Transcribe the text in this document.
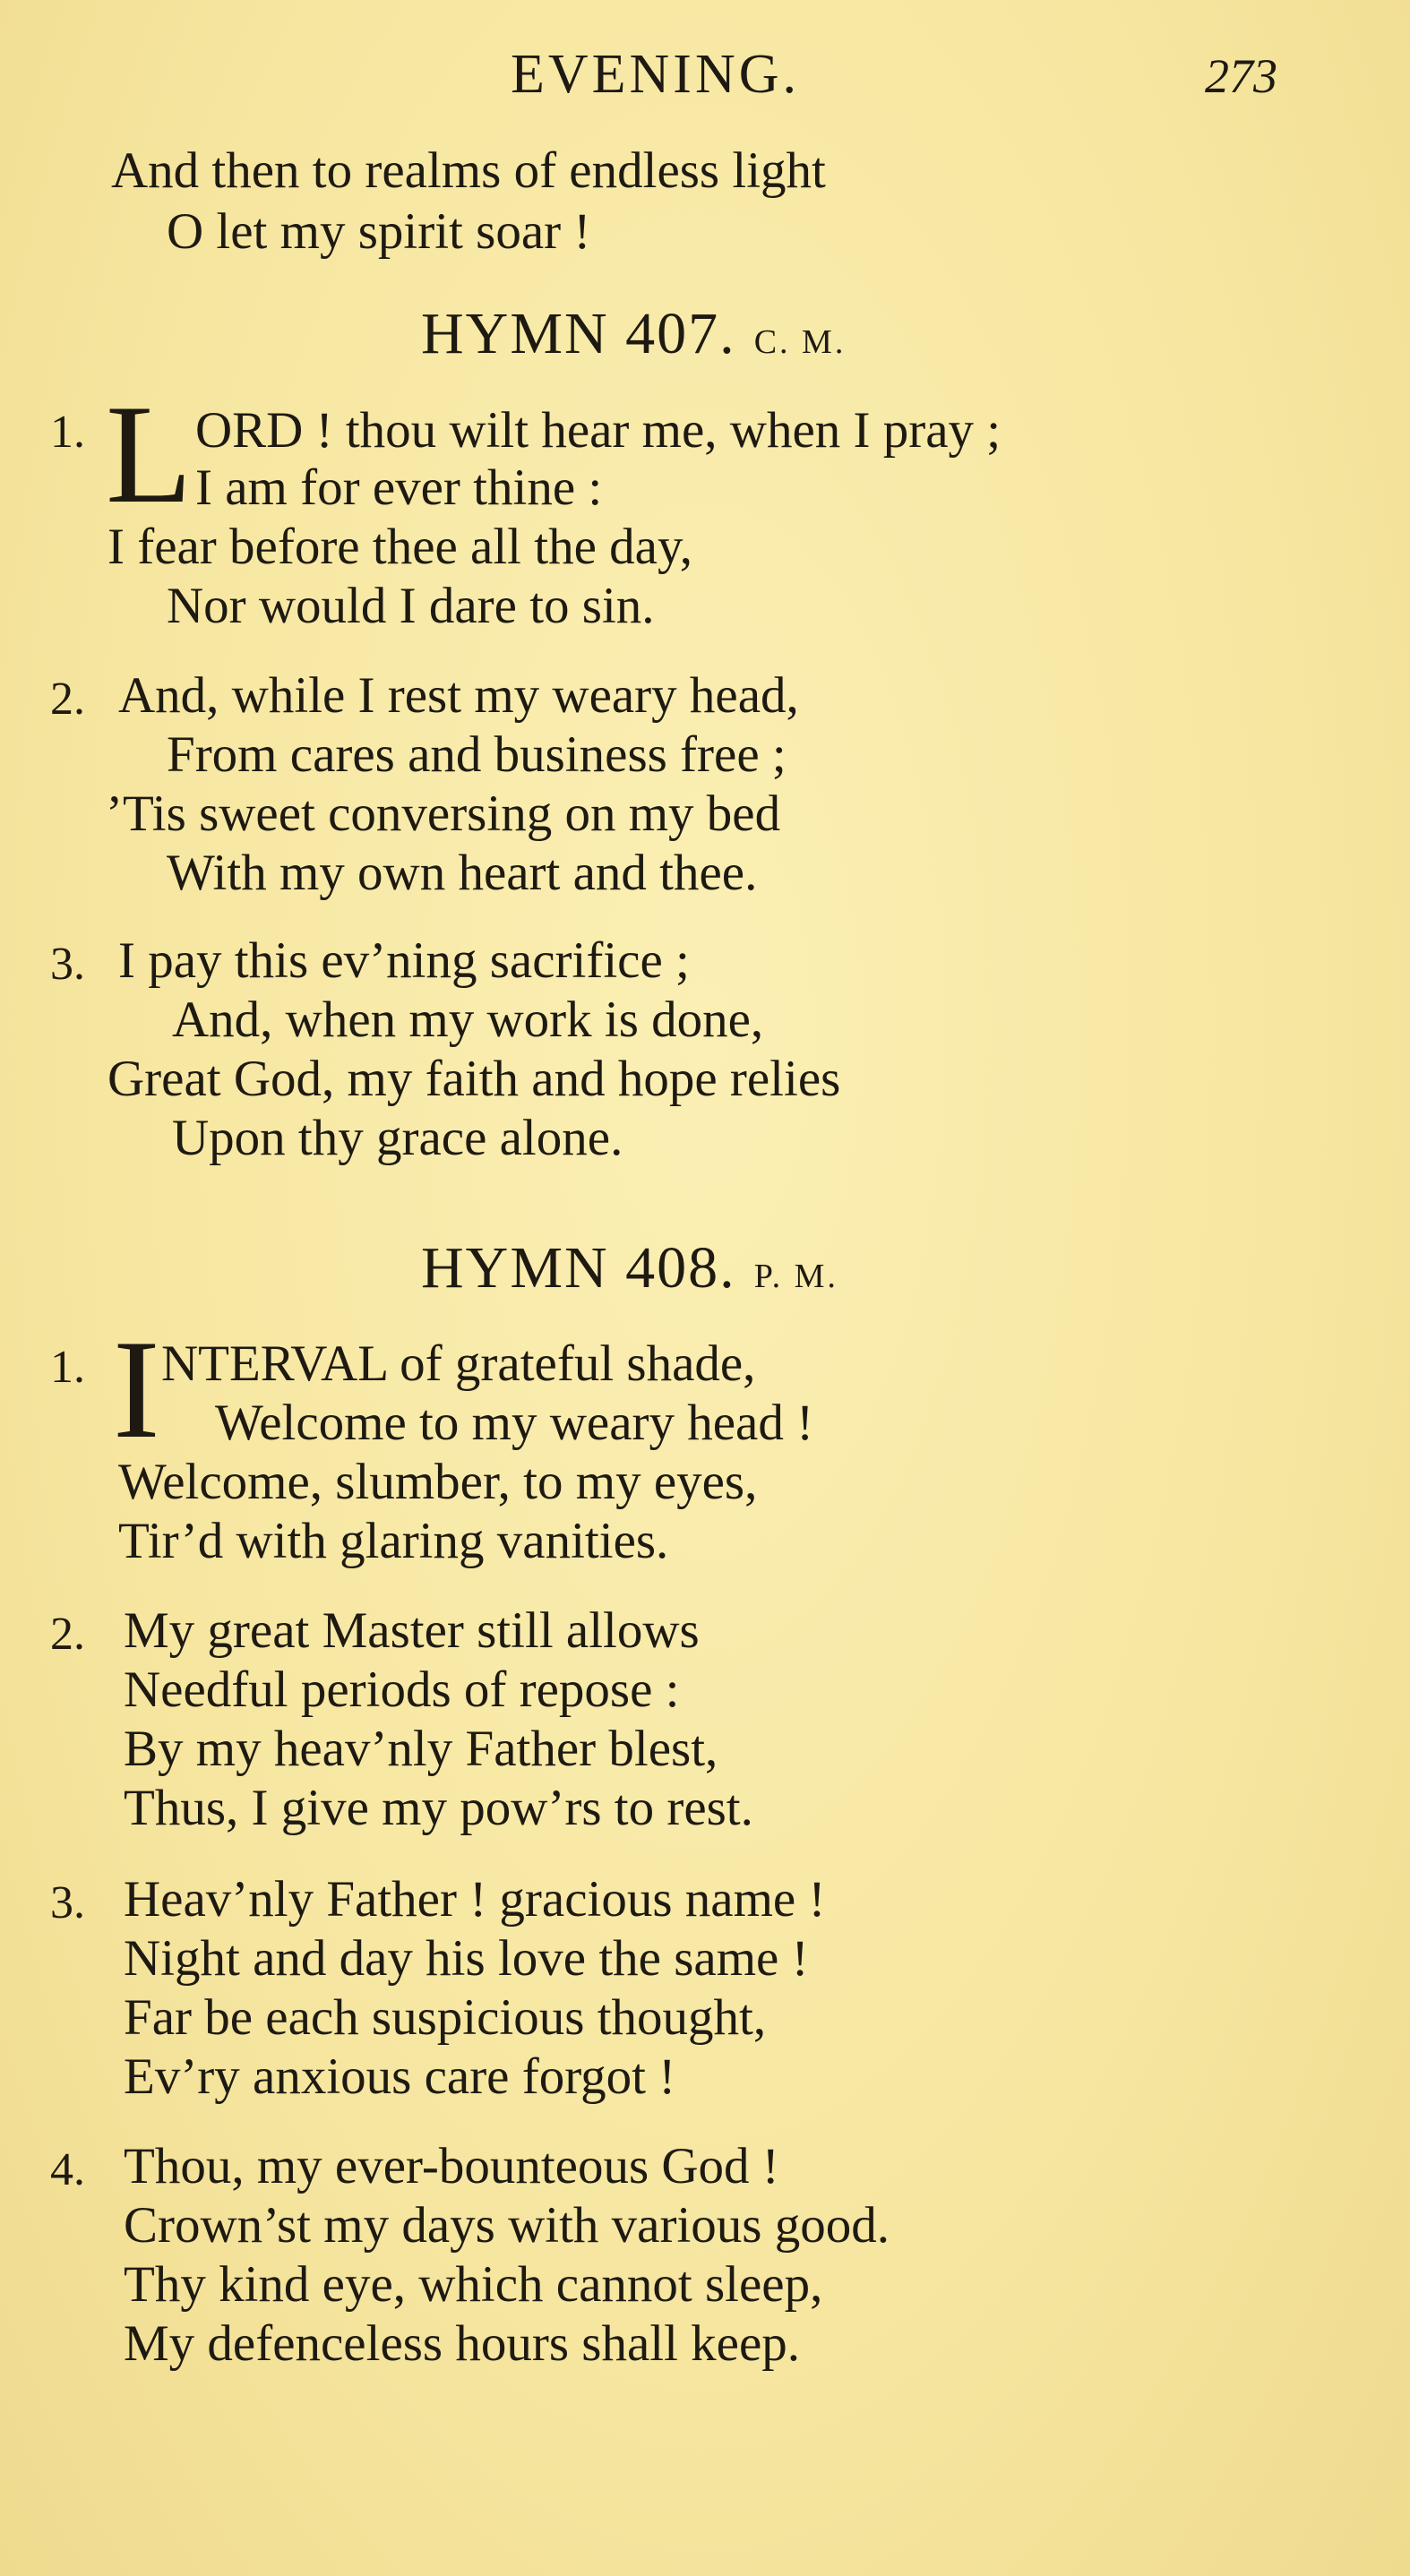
EVENING.	273
And then to realms of endless light
O let my spirit soar !
HYMN 407. C. M.
1. L ORD ! thou wilt hear me, when I pray ;
I am for ever thine :
I fear before thee all the day,
Nor would I dare to sin.
2. And, while I rest my weary head,
From cares and business free ;
’Tis sweet conversing on my bed
With my own heart and thee.
3. I pay this ev’ning sacrifice ;
And, when my work is done,
Great God, my faith and hope relies
Upon thy grace alone.
HYMN 408. P. M.
1. I NTERVAL of grateful shade,
Welcome to my weary head !
Welcome, slumber, to my eyes,
Tir’d with glaring vanities.
2. My great Master still allows
Needful periods of repose :
By my heav’nly Father blest,
Thus, I give my pow’rs to rest.
3. Heav’nly Father ! gracious name !
Night and day his love the same !
Far be each suspicious thought,
Ev’ry anxious care forgot !
4. Thou, my ever-bounteous God !
Crown’st my days with various good.
Thy kind eye, which cannot sleep,
My defenceless hours shall keep.
